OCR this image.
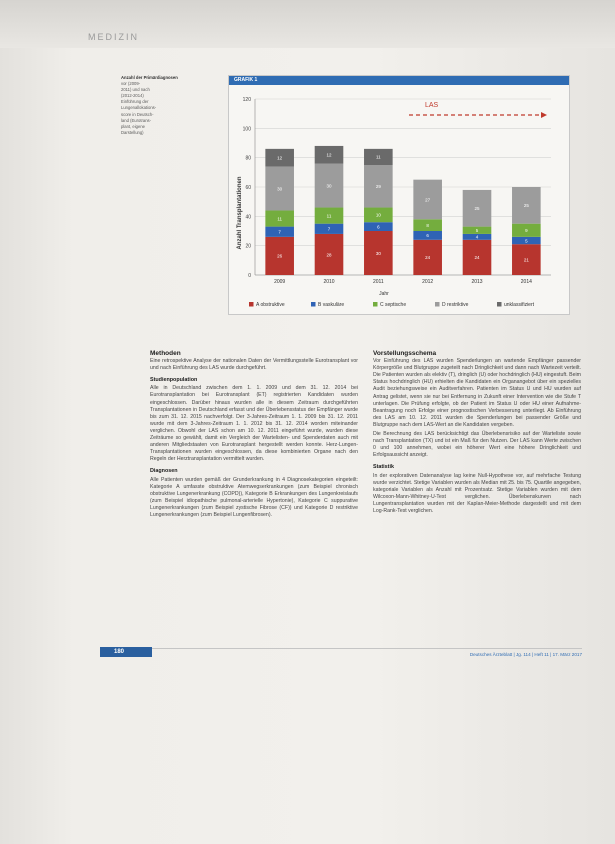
MEDIZIN
Anzahl der Primärdiagnosen
vor (2009-
2011) und nach
(2012-2014)
Einführung der
Lungenallokations-
score in Deutsch-
land (Eurotrans-
plant, eigene
Darstellung)
GRAFIK 1
Anzahl Transplantationen
Jahr
LAS
0
20
40
60
80
100
120
26
7
11
30
12
2009
28
7
11
30
12
2010
30
6
10
29
11
2011
24
6
8
27
2012
24
4
5
25
2013
21
5
9
25
2014
A obstruktive	B vaskuläre	C septische	D restriktive	unklassifiziert
Methoden

Eine retrospektive Analyse der nationalen Daten der Vermittlungsstelle Eurotransplant vor und nach Einführung des LAS wurde durchgeführt.

Studienpopulation

Alle in Deutschland zwischen dem 1. 1. 2009 und dem 31. 12. 2014 bei Eurotransplantation bei Eurotransplant (ET) registrierten Kandidaten wurden eingeschlossen. Darüber hinaus wurden alle in diesem Zeitraum durchgeführten Transplantationen in Deutschland erfasst und der Überlebensstatus der Empfänger wurde bis zum 31. 12. 2015 nachverfolgt. Der 3-Jahres-Zeitraum 1. 1. 2009 bis 31. 12. 2011 wurde mit dem 3-Jahres-Zeitraum 1. 1. 2012 bis 31. 12. 2014 worden miteinander verglichen. Obwohl der LAS schon am 10. 12. 2011 eingeführt wurde, wurden diese Zeiträume so gewählt, damit ein Vergleich der Wartelisten- und Spenderdaten auch mit anderen Mitgliedstaaten von Eurotransplant hergestellt werden konnte. Herz-Lungen-Transplantationen wurden eingeschlossen, da diese kombinierten Organe nach den Regeln der Herztransplantation vermittelt wurden.

Diagnosen

Alle Patienten wurden gemäß der Grunderkrankung in 4 Diagnosekategorien eingeteilt: Kategorie A umfasste obstruktive Atemwegserkrankungen (zum Beispiel chronisch obstruktive Lungenerkrankung (COPD)), Kategorie B Erkrankungen des Lungenkreislaufs (zum Beispiel idiopathische pulmonal-arterielle Hypertonie), Kategorie C suppurative Lungenerkrankungen (zum Beispiel zystische Fibrose (CF)) und Kategorie D restriktive Lungenerkrankungen (zum Beispiel Lungenfibrosen).

Vorstellungsschema

Vor Einführung des LAS wurden Spenderlungen an wartende Empfänger passender Körpergröße und Blutgruppe zugeteilt nach Dringlichkeit und dann nach Wartezeit verteilt. Die Patienten wurden als elektiv (T), dringlich (U) oder hochdringlich (HU) eingestuft. Beim Status hochdringlich (HU) erhielten die Kandidaten ein Organangebot über ein spezielles Audit beziehungsweise ein Auditverfahren. Patienten im Status U und HU wurden auf Antrag gelistet, wenn sie nur bei Entfernung in Zukunft einer Intervention wie die Stufe T unterlagen. Die Prüfung erfolgte, ob der Patient im Status U oder HU einer Aufnahme-Beantragung noch Erfolge einer prognostischen Verbesserung unterliegt. Ab Einführung des LAS am 10. 12. 2011 wurden die Spenderlungen bei passender Größe und Blutgruppe nach dem LAS-Wert an die Kandidaten vergeben.

Die Berechnung des LAS berücksichtigt das Überlebensrisiko auf der Warteliste sowie nach Transplantation (TX) und ist ein Maß für den Nutzen. Der LAS kann Werte zwischen 0 und 100 annehmen, wobei ein höherer Wert eine höhere Dringlichkeit und Erfolgsaussicht anzeigt.

Statistik

In der explorativen Datenanalyse lag keine Null-Hypothese vor, auf mehrfache Testung wurde verzichtet. Stetige Variablen wurden als Median mit 25. bis 75. Quartile angegeben, kategoriale Variablen als Anzahl mit Prozentsatz. Stetige Variablen wurden mit dem Wilcoxon-Mann-Whitney-U-Test verglichen. Überlebenskurven nach Lungentransplantation wurden mit der Kaplan-Meier-Methode dargestellt und mit dem Log-Rank-Test verglichen.

Deutsches Ärzteblatt | Jg. 114 | Heft 11 | 17. März 2017
180
